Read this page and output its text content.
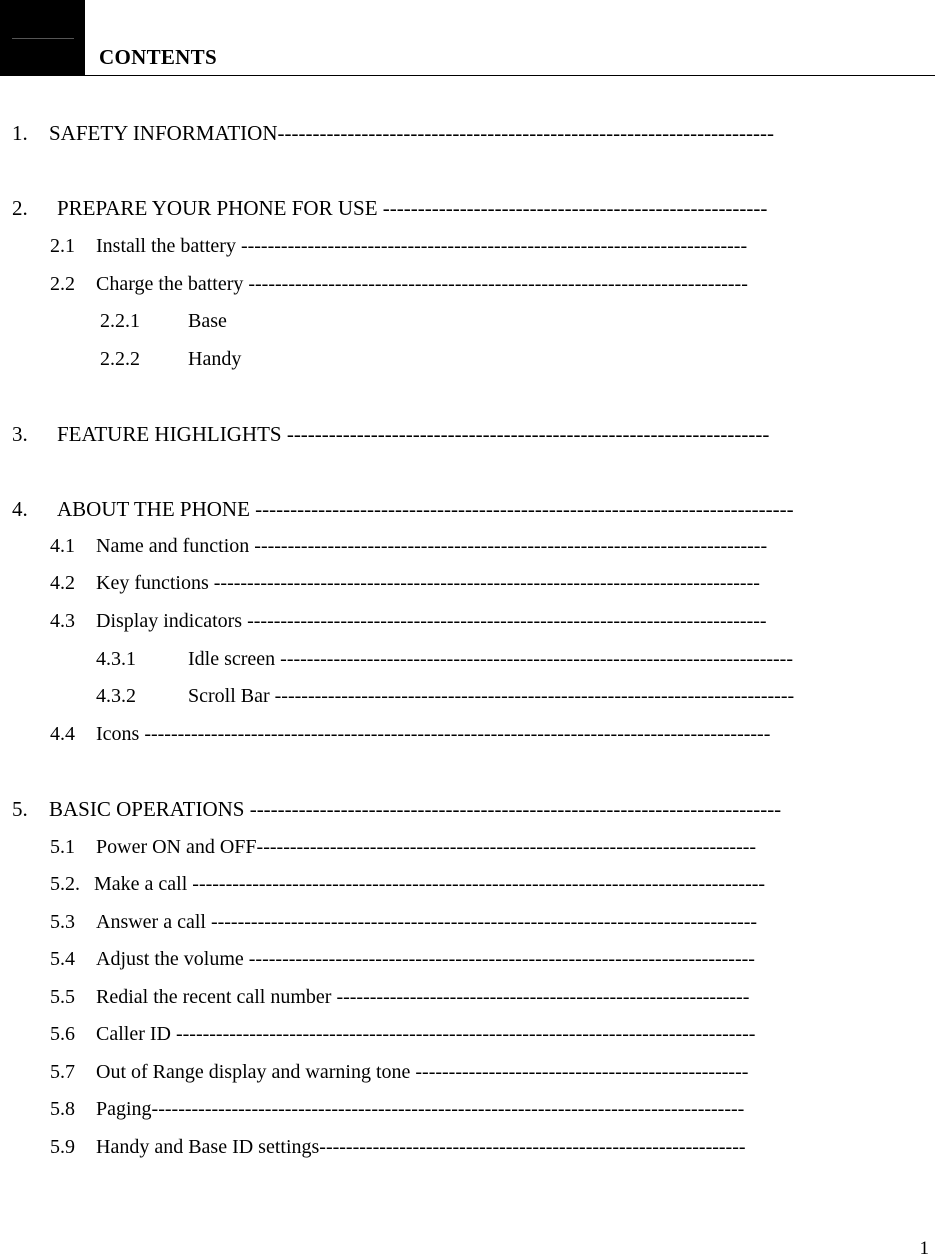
CONTENTS
1. SAFETY INFORMATION-----------------------------------------------------------------------
2. PREPARE YOUR PHONE FOR USE -------------------------------------------------------
2.1 Install the battery ----------------------------------------------------------------------------
2.2 Charge the battery ---------------------------------------------------------------------------
2.2.1 Base
2.2.2 Handy
3. FEATURE HIGHLIGHTS ---------------------------------------------------------------------
4. ABOUT THE PHONE -----------------------------------------------------------------------------
4.1 Name and function -----------------------------------------------------------------------------
4.2 Key functions ----------------------------------------------------------------------------------
4.3 Display indicators ------------------------------------------------------------------------------
4.3.1	Idle screen -----------------------------------------------------------------------------
4.3.2	Scroll Bar ------------------------------------------------------------------------------
4.4 Icons ----------------------------------------------------------------------------------------------
5. BASIC OPERATIONS ----------------------------------------------------------------------------
5.1 Power ON and OFF---------------------------------------------------------------------------
5.2. Make a call --------------------------------------------------------------------------------------
5.3 Answer a call ----------------------------------------------------------------------------------
5.4 Adjust the volume ----------------------------------------------------------------------------
5.5 Redial the recent call number --------------------------------------------------------------
5.6 Caller ID ---------------------------------------------------------------------------------------
5.7 Out of Range display and warning tone --------------------------------------------------
5.8 Paging-----------------------------------------------------------------------------------------
5.9 Handy and Base ID settings----------------------------------------------------------------
1
